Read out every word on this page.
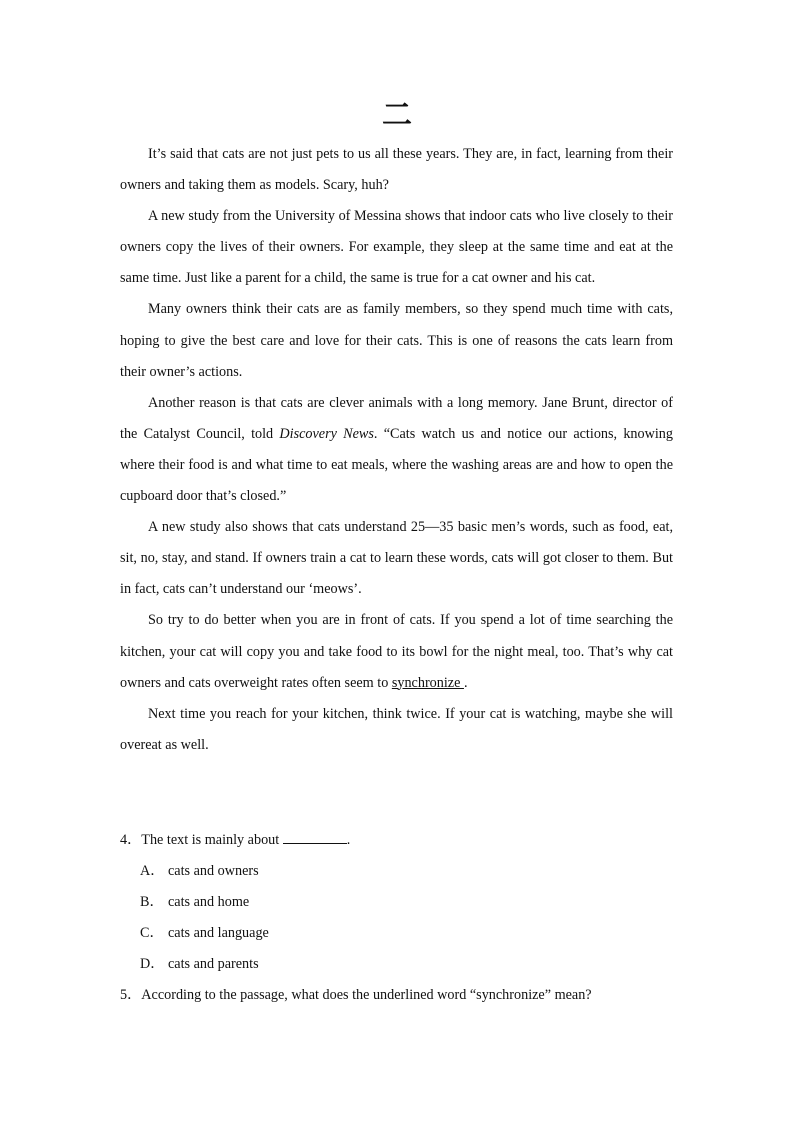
二

It’s said that cats are not just pets to us all these years. They are, in fact, learning from their owners and taking them as models. Scary, huh?

A new study from the University of Messina shows that indoor cats who live closely to their owners copy the lives of their owners. For example, they sleep at the same time and eat at the same time. Just like a parent for a child, the same is true for a cat owner and his cat.

Many owners think their cats are as family members, so they spend much time with cats, hoping to give the best care and love for their cats. This is one of reasons the cats learn from their owner’s actions.

Another reason is that cats are clever animals with a long memory. Jane Brunt, director of the Catalyst Council, told Discovery News. “Cats watch us and notice our actions, knowing where their food is and what time to eat meals, where the washing areas are and how to open the cupboard door that’s closed.”

A new study also shows that cats understand 25—35 basic men’s words, such as food, eat, sit, no, stay, and stand. If owners train a cat to learn these words, cats will got closer to them. But in fact, cats can’t understand our ‘meows’.

So try to do better when you are in front of cats. If you spend a lot of time searching the kitchen, your cat will copy you and take food to its bowl for the night meal, too. That’s why cat owners and cats overweight rates often seem to synchronize .

Next time you reach for your kitchen, think twice. If your cat is watching, maybe she will overeat as well.

4．The text is mainly about	.

A． cats and owners

B． cats and home

C． cats and language

D． cats and parents

5．According to the passage, what does the underlined word “synchronize” mean?
